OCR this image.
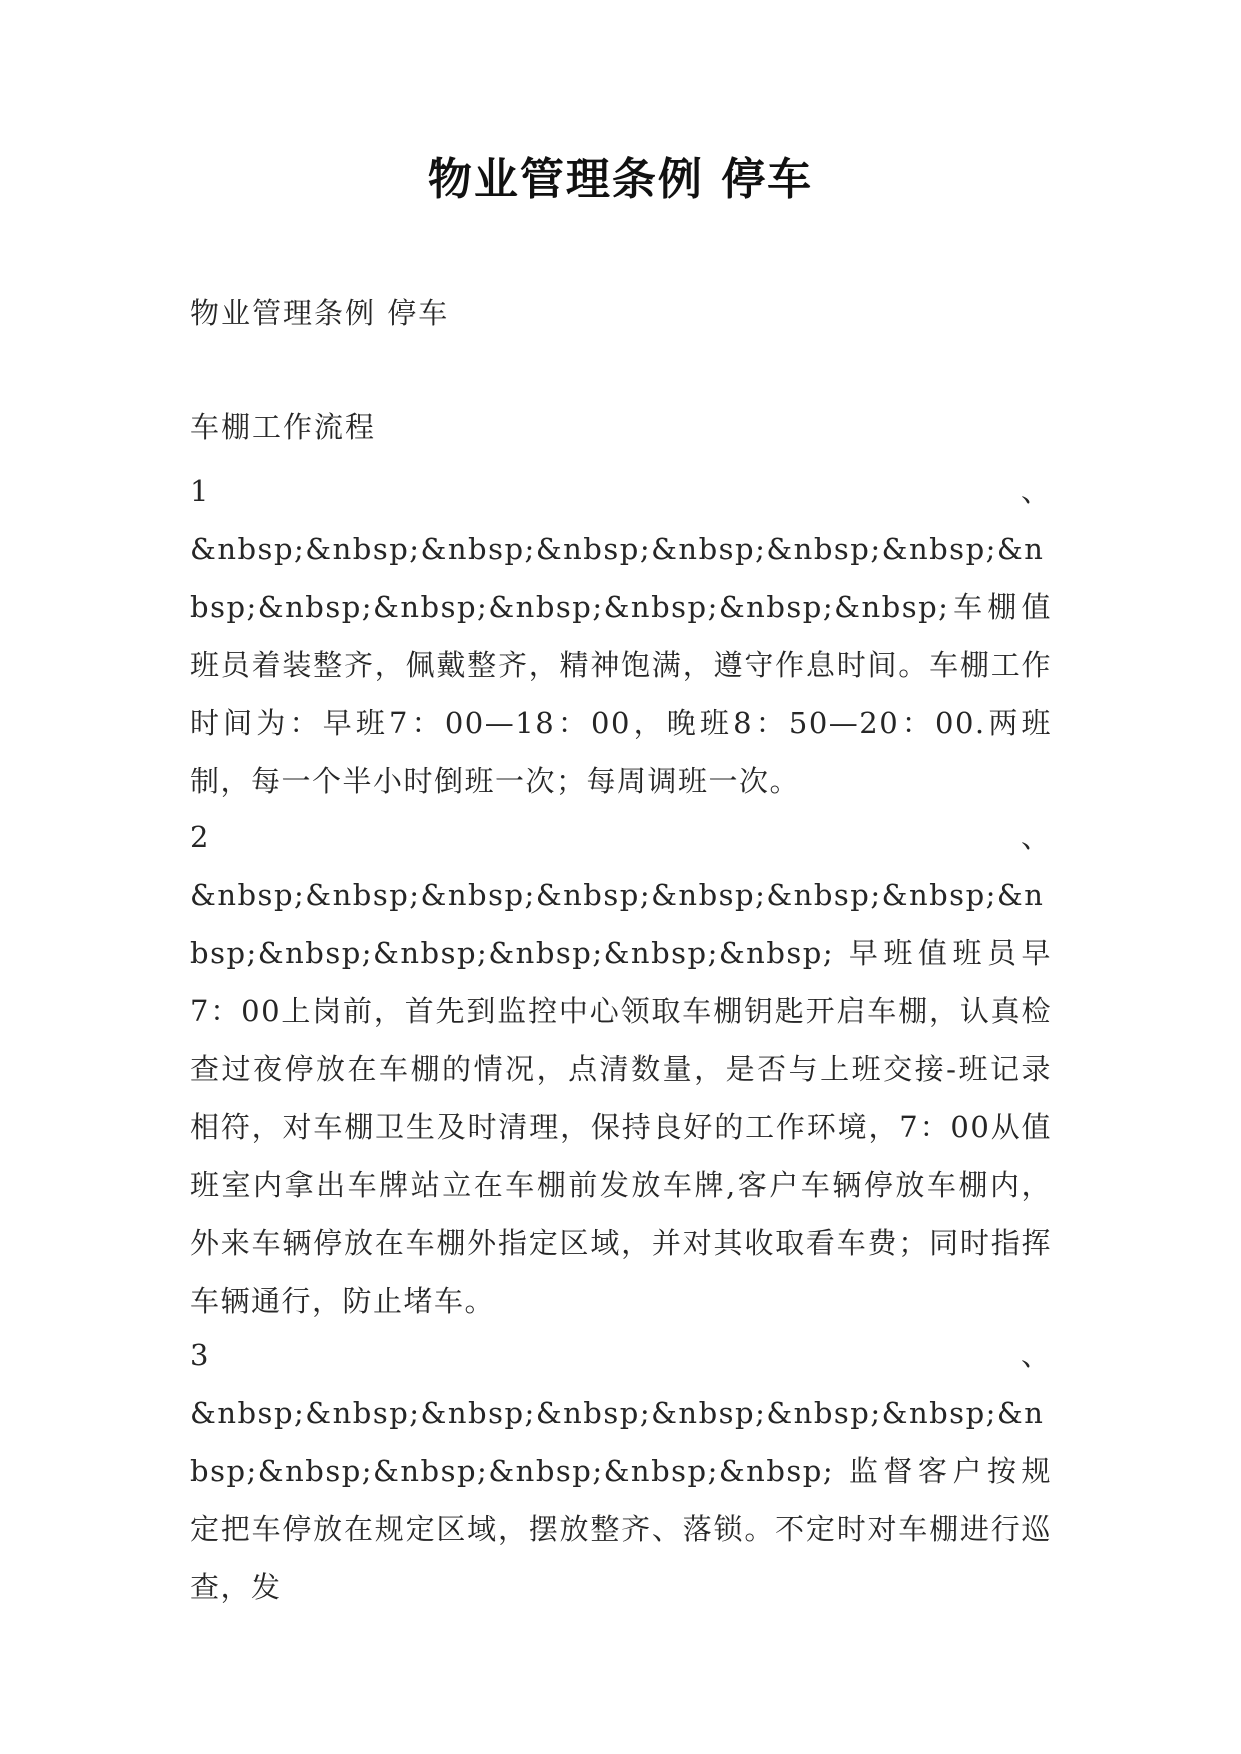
物业管理条例 停车
物业管理条例 停车
车棚工作流程
1	、
&nbsp;&nbsp;&nbsp;&nbsp;&nbsp;&nbsp;&nbsp;&nbsp;&nbsp;&nbsp;&nbsp;&nbsp;&nbsp;&nbsp;车棚值班员着装整齐，佩戴整齐，精神饱满，遵守作息时间。车棚工作时间为：早班7：00—18：00，晚班8：50—20：00.两班制，每一个半小时倒班一次；每周调班一次。
2	、
&nbsp;&nbsp;&nbsp;&nbsp;&nbsp;&nbsp;&nbsp;&nbsp;&nbsp;&nbsp;&nbsp;&nbsp;&nbsp; 早班值班员早7：00上岗前，首先到监控中心领取车棚钥匙开启车棚，认真检查过夜停放在车棚的情况，点清数量，是否与上班交接-班记录相符，对车棚卫生及时清理，保持良好的工作环境，7：00从值班室内拿出车牌站立在车棚前发放车牌,客户车辆停放车棚内，外来车辆停放在车棚外指定区域，并对其收取看车费；同时指挥车辆通行，防止堵车。
3	、
&nbsp;&nbsp;&nbsp;&nbsp;&nbsp;&nbsp;&nbsp;&nbsp;&nbsp;&nbsp;&nbsp;&nbsp;&nbsp; 监督客户按规定把车停放在规定区域，摆放整齐、落锁。不定时对车棚进行巡查，发
